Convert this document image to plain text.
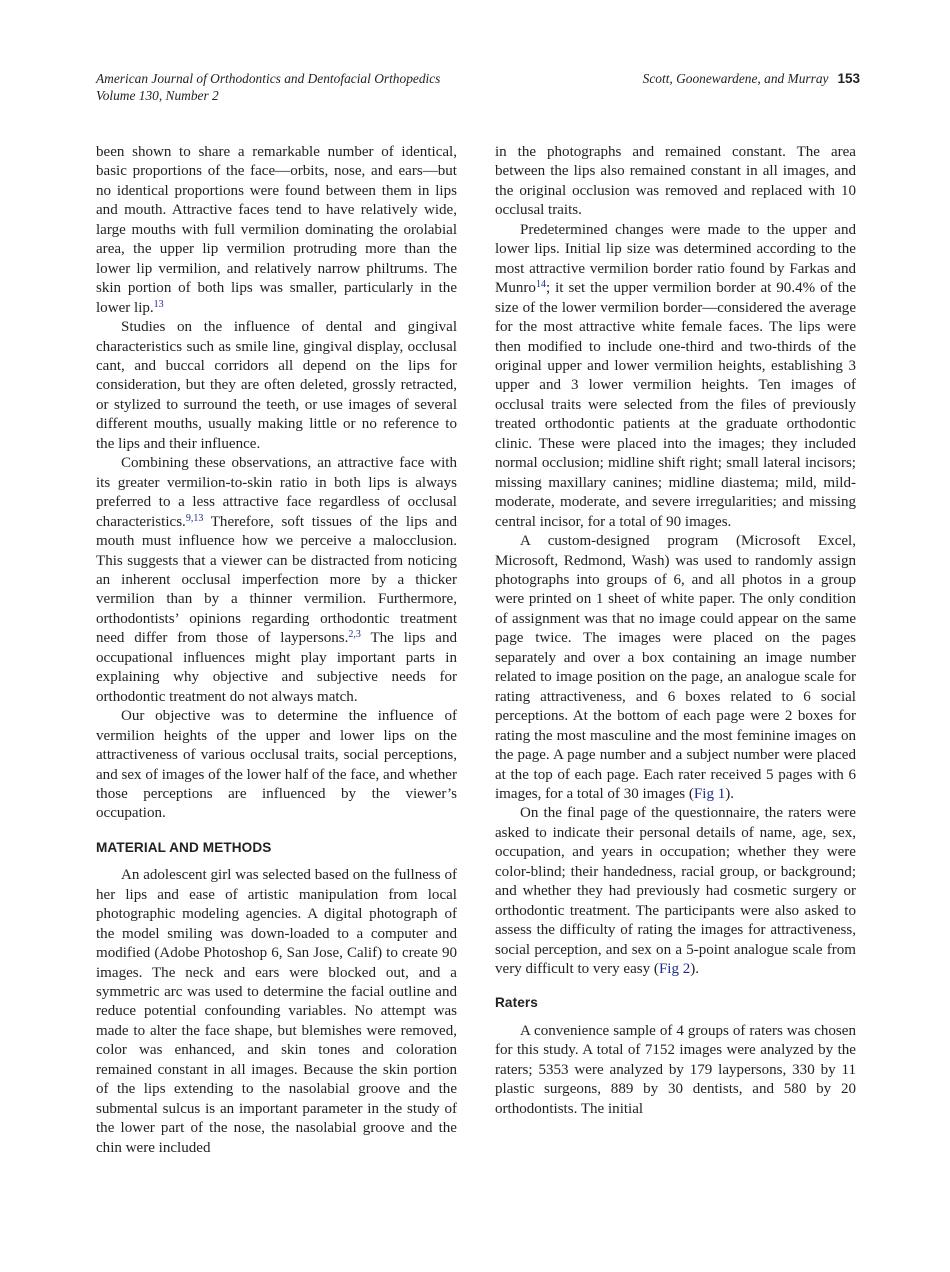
American Journal of Orthodontics and Dentofacial Orthopedics
Volume 130, Number 2
Scott, Goonewardene, and Murray 153

been shown to share a remarkable number of identical, basic proportions of the face—orbits, nose, and ears—but no identical proportions were found between them in lips and mouth. Attractive faces tend to have relatively wide, large mouths with full vermilion dominating the orolabial area, the upper lip vermilion protruding more than the lower lip vermilion, and relatively narrow philtrums. The skin portion of both lips was smaller, particularly in the lower lip.$^{13}$

Studies on the influence of dental and gingival characteristics such as smile line, gingival display, occlusal cant, and buccal corridors all depend on the lips for consideration, but they are often deleted, grossly retracted, or stylized to surround the teeth, or use images of several different mouths, usually making little or no reference to the lips and their influence.

Combining these observations, an attractive face with its greater vermilion-to-skin ratio in both lips is always preferred to a less attractive face regardless of occlusal characteristics.$^{9,13}$ Therefore, soft tissues of the lips and mouth must influence how we perceive a malocclusion. This suggests that a viewer can be distracted from noticing an inherent occlusal imperfection more by a thicker vermilion than by a thinner vermilion. Furthermore, orthodontists’ opinions regarding orthodontic treatment need differ from those of laypersons.$^{2,3}$ The lips and occupational influences might play important parts in explaining why objective and subjective needs for orthodontic treatment do not always match.

Our objective was to determine the influence of vermilion heights of the upper and lower lips on the attractiveness of various occlusal traits, social perceptions, and sex of images of the lower half of the face, and whether those perceptions are influenced by the viewer’s occupation.

MATERIAL AND METHODS

An adolescent girl was selected based on the fullness of her lips and ease of artistic manipulation from local photographic modeling agencies. A digital photograph of the model smiling was down-loaded to a computer and modified (Adobe Photoshop 6, San Jose, Calif) to create 90 images. The neck and ears were blocked out, and a symmetric arc was used to determine the facial outline and reduce potential confounding variables. No attempt was made to alter the face shape, but blemishes were removed, color was enhanced, and skin tones and coloration remained constant in all images. Because the skin portion of the lips extending to the nasolabial groove and the submental sulcus is an important parameter in the study of the lower part of the nose, the nasolabial groove and the chin were included

in the photographs and remained constant. The area between the lips also remained constant in all images, and the original occlusion was removed and replaced with 10 occlusal traits.

Predetermined changes were made to the upper and lower lips. Initial lip size was determined according to the most attractive vermilion border ratio found by Farkas and Munro$^{14}$; it set the upper vermilion border at 90.4% of the size of the lower vermilion border—considered the average for the most attractive white female faces. The lips were then modified to include one-third and two-thirds of the original upper and lower vermilion heights, establishing 3 upper and 3 lower vermilion heights. Ten images of occlusal traits were selected from the files of previously treated orthodontic patients at the graduate orthodontic clinic. These were placed into the images; they included normal occlusion; midline shift right; small lateral incisors; missing maxillary canines; midline diastema; mild, mild-moderate, moderate, and severe irregularities; and missing central incisor, for a total of 90 images.

A custom-designed program (Microsoft Excel, Microsoft, Redmond, Wash) was used to randomly assign photographs into groups of 6, and all photos in a group were printed on 1 sheet of white paper. The only condition of assignment was that no image could appear on the same page twice. The images were placed on the pages separately and over a box containing an image number related to image position on the page, an analogue scale for rating attractiveness, and 6 boxes related to 6 social perceptions. At the bottom of each page were 2 boxes for rating the most masculine and the most feminine images on the page. A page number and a subject number were placed at the top of each page. Each rater received 5 pages with 6 images, for a total of 30 images (Fig 1).

On the final page of the questionnaire, the raters were asked to indicate their personal details of name, age, sex, occupation, and years in occupation; whether they were color-blind; their handedness, racial group, or background; and whether they had previously had cosmetic surgery or orthodontic treatment. The participants were also asked to assess the difficulty of rating the images for attractiveness, social perception, and sex on a 5-point analogue scale from very difficult to very easy (Fig 2).

Raters

A convenience sample of 4 groups of raters was chosen for this study. A total of 7152 images were analyzed by the raters; 5353 were analyzed by 179 laypersons, 330 by 11 plastic surgeons, 889 by 30 dentists, and 580 by 20 orthodontists. The initial
